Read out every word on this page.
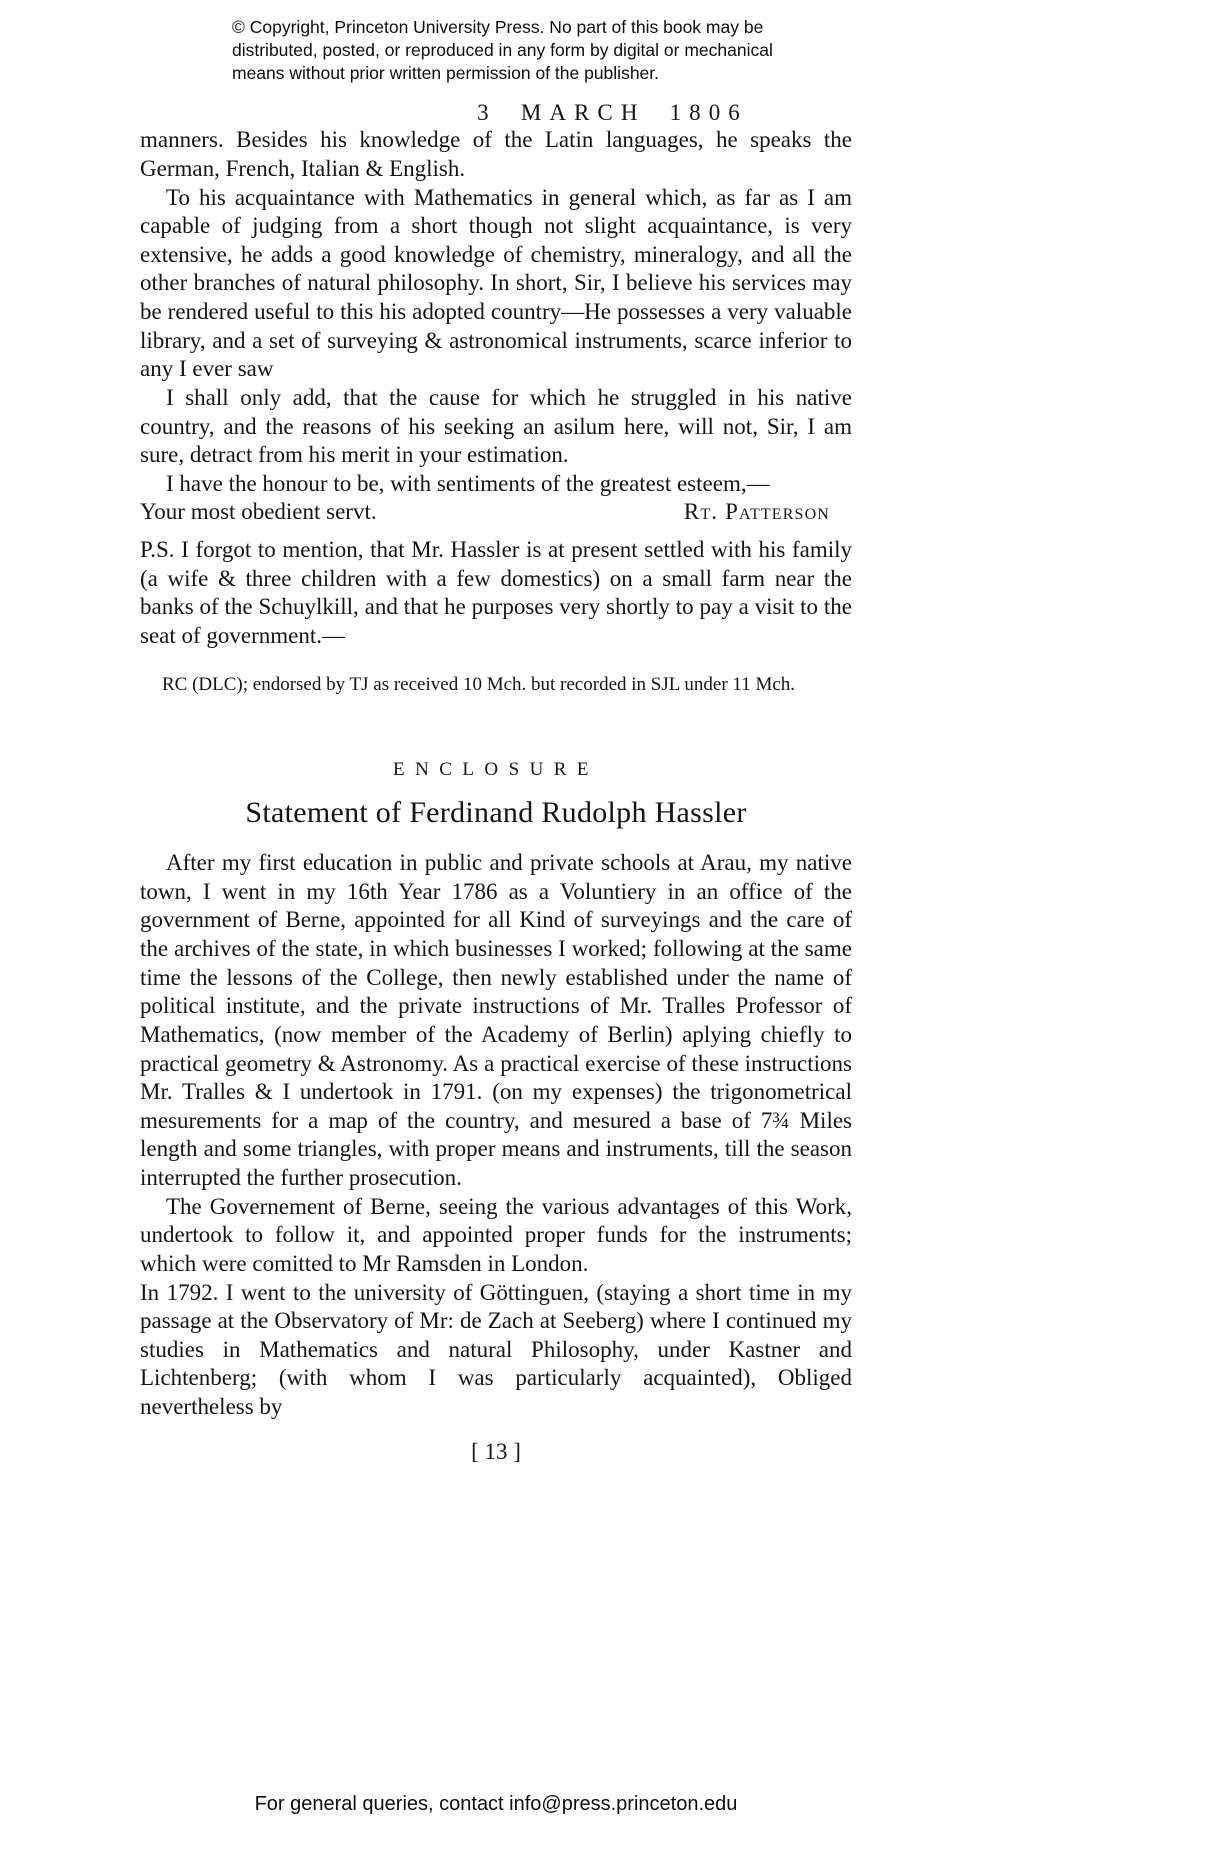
© Copyright, Princeton University Press. No part of this book may be distributed, posted, or reproduced in any form by digital or mechanical means without prior written permission of the publisher.
3 MARCH 1806

manners. Besides his knowledge of the Latin languages, he speaks the German, French, Italian & English.

To his acquaintance with Mathematics in general which, as far as I am capable of judging from a short though not slight acquaintance, is very extensive, he adds a good knowledge of chemistry, mineralogy, and all the other branches of natural philosophy. In short, Sir, I believe his services may be rendered useful to this his adopted country—He possesses a very valuable library, and a set of surveying & astronomical instruments, scarce inferior to any I ever saw

I shall only add, that the cause for which he struggled in his native country, and the reasons of his seeking an asilum here, will not, Sir, I am sure, detract from his merit in your estimation.

I have the honour to be, with sentiments of the greatest esteem,—

Your most obedient servt.	Rt. Patterson

P.S. I forgot to mention, that Mr. Hassler is at present settled with his family (a wife & three children with a few domestics) on a small farm near the banks of the Schuylkill, and that he purposes very shortly to pay a visit to the seat of government.—

RC (DLC); endorsed by TJ as received 10 Mch. but recorded in SJL under 11 Mch.

ENCLOSURE
Statement of Ferdinand Rudolph Hassler

After my first education in public and private schools at Arau, my native town, I went in my 16th Year 1786 as a Voluntiery in an office of the government of Berne, appointed for all Kind of surveyings and the care of the archives of the state, in which businesses I worked; following at the same time the lessons of the College, then newly established under the name of political institute, and the private instructions of Mr. Tralles Professor of Mathematics, (now member of the Academy of Berlin) aplying chiefly to practical geometry & Astronomy. As a practical exercise of these instructions Mr. Tralles & I undertook in 1791. (on my expenses) the trigonometrical mesurements for a map of the country, and mesured a base of 7¾ Miles length and some triangles, with proper means and instruments, till the season interrupted the further prosecution.

The Governement of Berne, seeing the various advantages of this Work, undertook to follow it, and appointed proper funds for the instruments; which were comitted to Mr Ramsden in London.

In 1792. I went to the university of Göttinguen, (staying a short time in my passage at the Observatory of Mr: de Zach at Seeberg) where I continued my studies in Mathematics and natural Philosophy, under Kastner and Lichtenberg; (with whom I was particularly acquainted), Obliged nevertheless by

[ 13 ]
For general queries, contact info@press.princeton.edu
